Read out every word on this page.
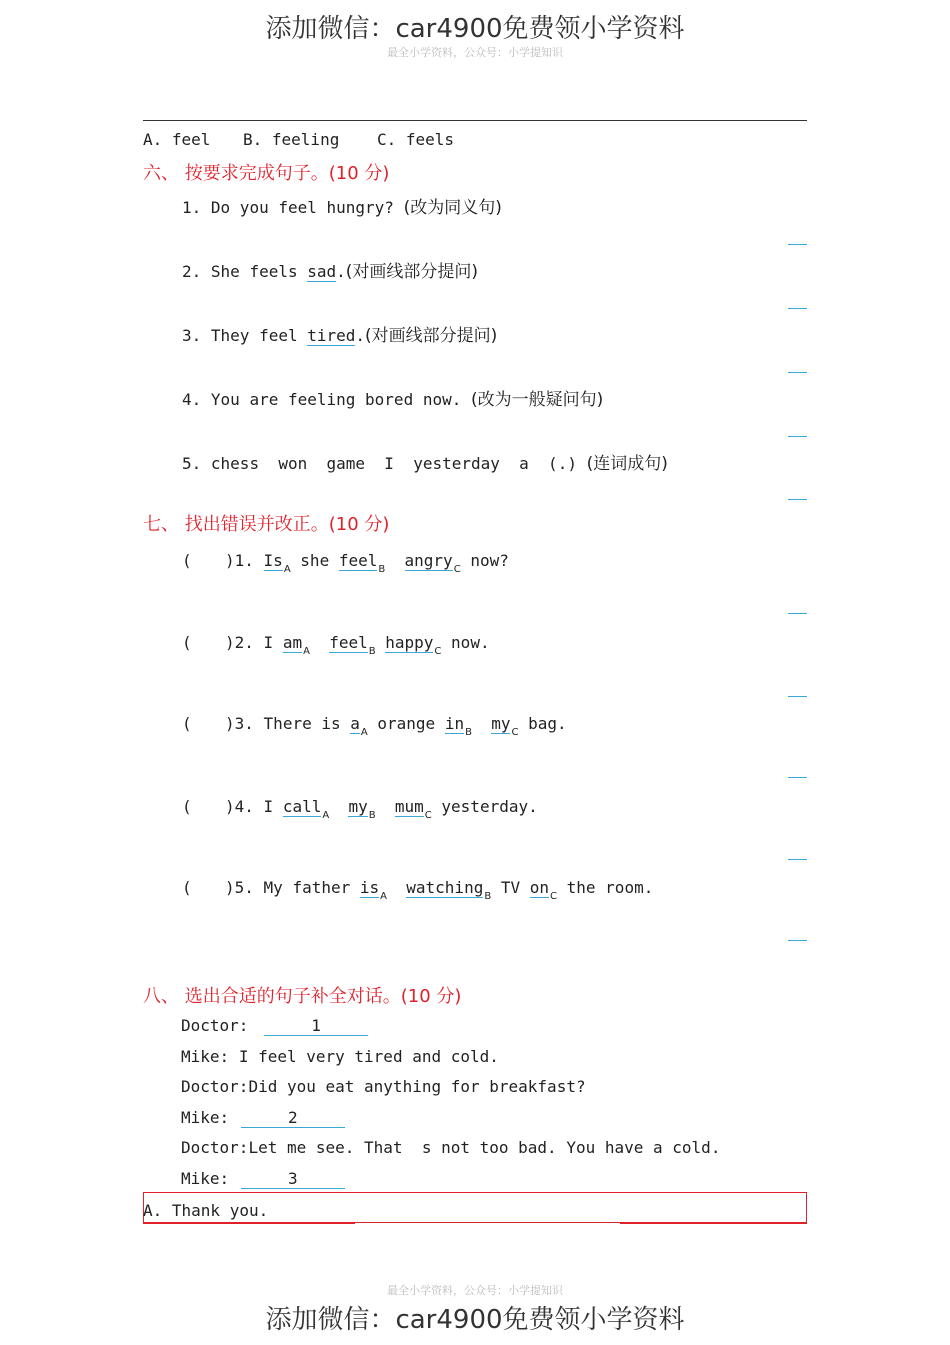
添加微信：car4900免费领小学资料
最全小学资料，公众号：小学提知识
A. feel B. feeling C. feels
六、 按要求完成句子。(10 分)
1. Do you feel hungry? (改为同义句)
2. She feels sad.(对画线部分提问)
3. They feel tired.(对画线部分提问)
4. You are feeling bored now. (改为一般疑问句)
5. chess  won  game  I  yesterday  a  (.) (连词成句)
七、 找出错误并改正。(10 分)
( )1. $Is_A$ she feel$_B$ angry$_C$ now?
( )2. I $am_A$ feel$_B$ happy$_C$ now.
( )3. There is $a_A$ orange $in_B$ $my_C$ bag.
( )4. I call$_A$ $my_B$ mum$_C$ yesterday.
( )5. My father $is_A$ watching$_B$ TV $on_C$ the room.
八、 选出合适的句子补全对话。(10 分)
Doctor:	1
Mike: I feel very tired and cold.
Doctor:Did you eat anything for breakfast?
Mike:	2
Doctor:Let me see. That  s not too bad. You have a cold.
Mike:	3
A. Thank you.
最全小学资料，公众号：小学提知识
添加微信：car4900免费领小学资料
